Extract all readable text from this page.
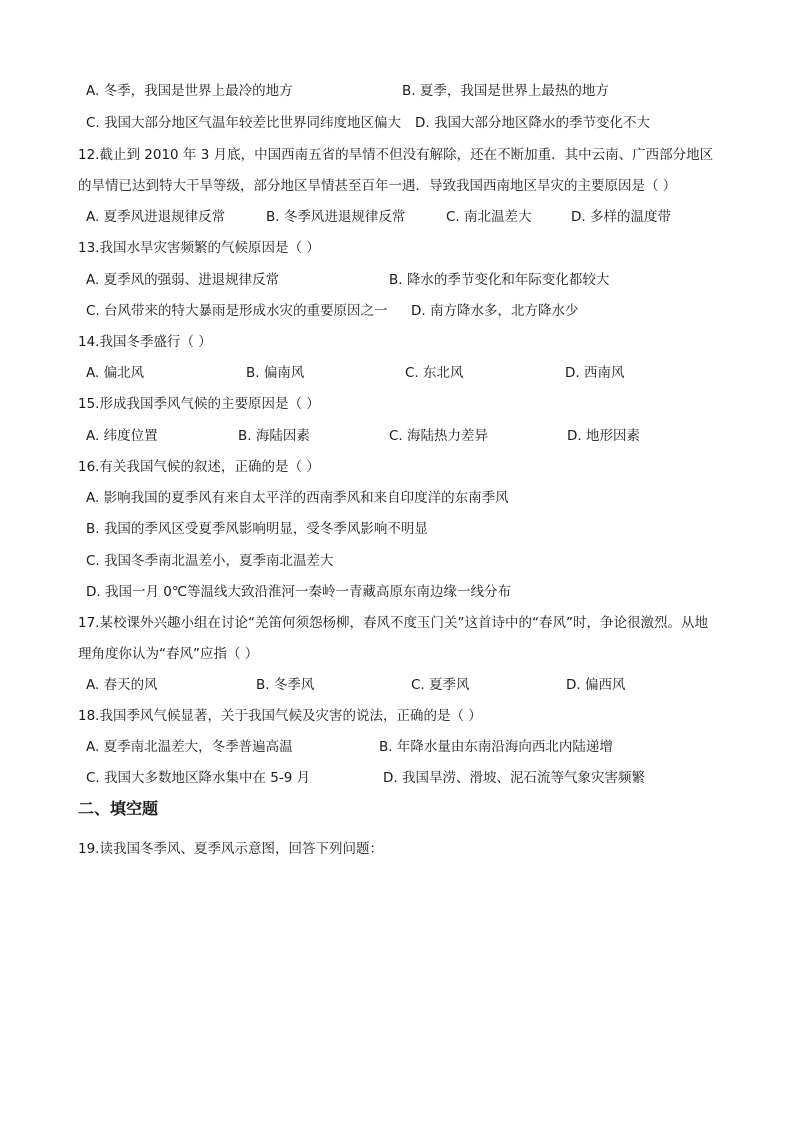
A. 冬季，我国是世界上最冷的地方	B. 夏季，我国是世界上最热的地方
C. 我国大部分地区气温年较差比世界同纬度地区偏大 D. 我国大部分地区降水的季节变化不大
12.截止到 2010 年 3 月底，中国西南五省的旱情不但没有解除，还在不断加重．其中云南、广西部分地区
的旱情已达到特大干旱等级，部分地区旱情甚至百年一遇．导致我国西南地区旱灾的主要原因是（ ）
A. 夏季风进退规律反常	B. 冬季风进退规律反常	C. 南北温差大	D. 多样的温度带
13.我国水旱灾害频繁的气候原因是（ ）
A. 夏季风的强弱、进退规律反常	B. 降水的季节变化和年际变化都较大
C. 台风带来的特大暴雨是形成水灾的重要原因之一 D. 南方降水多，北方降水少
14.我国冬季盛行（ ）
A. 偏北风	B. 偏南风	C. 东北风	D. 西南风
15.形成我国季风气候的主要原因是（ ）
A. 纬度位置	B. 海陆因素	C. 海陆热力差异	D. 地形因素
16.有关我国气候的叙述，正确的是（ ）
A. 影响我国的夏季风有来自太平洋的西南季风和来自印度洋的东南季风
B. 我国的季风区受夏季风影响明显，受冬季风影响不明显
C. 我国冬季南北温差小，夏季南北温差大
D. 我国一月 0℃等温线大致沿淮河一秦岭一青藏高原东南边缘一线分布
17.某校课外兴趣小组在讨论“羌笛何须怨杨柳，春风不度玉门关”这首诗中的“春风”时，争论很激烈。从地
理角度你认为“春风”应指（ ）
A. 春天的风	B. 冬季风	C. 夏季风	D. 偏西风
18.我国季风气候显著，关于我国气候及灾害的说法，正确的是（ ）
A. 夏季南北温差大，冬季普遍高温	B. 年降水量由东南沿海向西北内陆递增
C. 我国大多数地区降水集中在 5-9 月	D. 我国旱涝、滑坡、泥石流等气象灾害频繁
二、填空题
19.读我国冬季风、夏季风示意图，回答下列问题：
